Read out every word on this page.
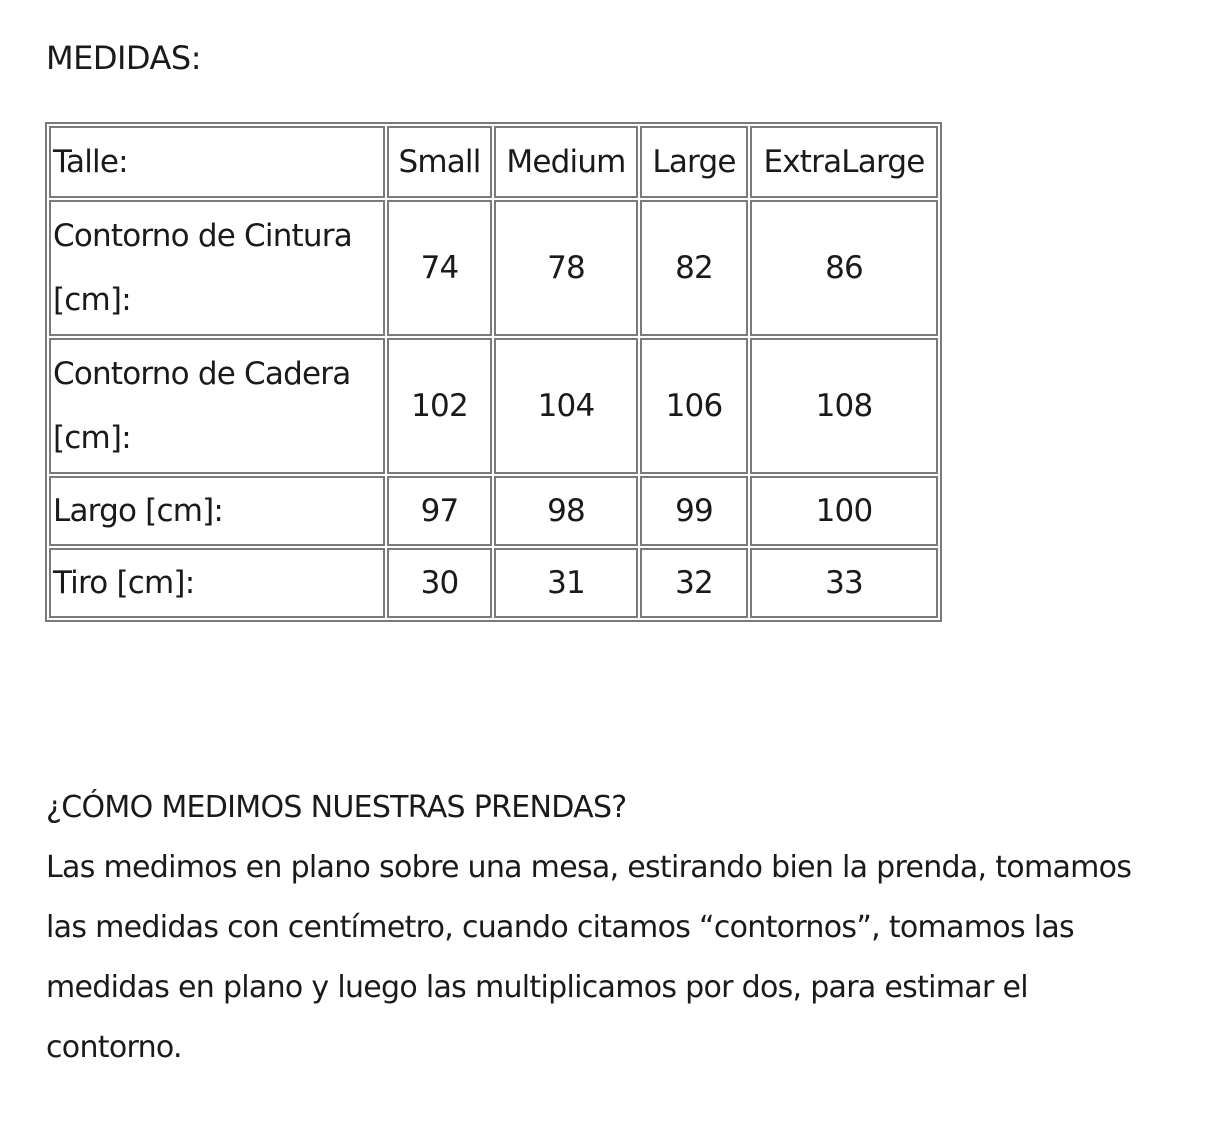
MEDIDAS:
Talle:	Small	Medium	Large	ExtraLarge
Contorno de Cintura [cm]:	74	78	82	86
Contorno de Cadera [cm]:	102	104	106	108
Largo [cm]:	97	98	99	100
Tiro [cm]:	30	31	32	33

¿CÓMO MEDIMOS NUESTRAS PRENDAS?

Las medimos en plano sobre una mesa, estirando bien la prenda, tomamos las medidas con centímetro, cuando citamos “contornos”, tomamos las medidas en plano y luego las multiplicamos por dos, para estimar el contorno.
